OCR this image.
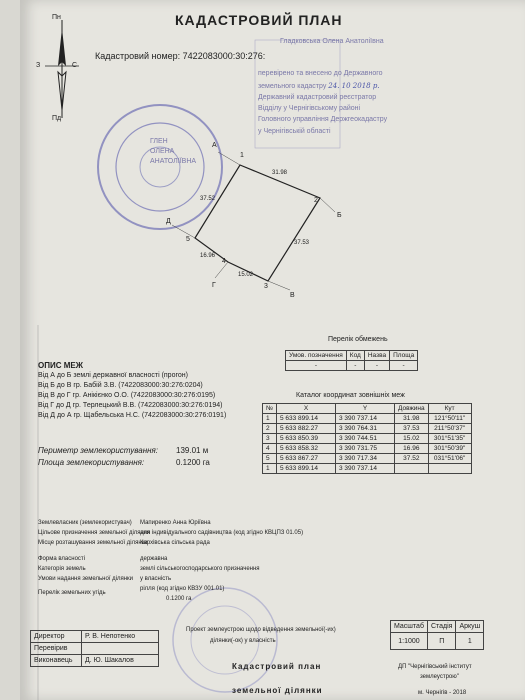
КАДАСТРОВИЙ ПЛАН
Пн
З	С
Пд
Кадастровий номер: 7422083000:30:276:
Гладковська Олена Анатоліївна
перевірено та внесено до Державного
земельного кадастру 24. 10 2018 р.
Державний кадастровий реєстратор
Відділу у Чернігівському районі
Головного управління Держгеокадастру
у Чернігівській області
ГЛЕН
ОЛЕНА
АНАТОЛІЇВНА
А
1
2
Б
3
В
4
Г
5
Д
31.98
37.53
15.02
16.96
37.52
Перелік обмежень
Умов. позначення	Код	Назва	Площа
-	-	-	-
ОПИС МЕЖ
Від А до Б землі державної власності (прогон)
Від Б до В гр. Бабій З.В. (7422083000:30:276:0204)
Від В до Г гр. Анікієнко О.О. (7422083000:30:276:0195)
Від Г до Д гр. Терлецький В.В. (7422083000:30:276:0194)
Від Д до А гр. Щабельська Н.С. (7422083000:30:276:0191)
Каталог координат зовнішніх меж
№	X	Y	Довжина	Кут
1	5 633 899.14	3 390 737.14	31.98	121°50'11"
2	5 633 882.27	3 390 764.31	37.53	211°50'37"
3	5 633 850.39	3 390 744.51	15.02	301°51'35"
4	5 633 858.32	3 390 731.75	16.96	301°50'39"
5	5 633 867.27	3 390 717.34	37.52	031°51'06"
1	5 633 899.14	3 390 737.14		
Периметр землекористування: 139.01 м
Площа землекористування:	0.1200 га
Землевласник (землекористувач) Мапиренко Анна Юріївна
Цільове призначення земельної ділянки
для індивідуального садівництва (код згідно КВЦПЗ 01.05)
Місце розташування земельної ділянки
Кархівська сільська рада
Форма власності	державна
Категорія земель	землі сільськогосподарського призначення
Умови надання земельної ділянки у власність
Перелік земельних угідь
рілля (код згідно КВЗУ 001.01)
0.1200 га
Директор	Р. В. Непотенко
Перевірив	
Виконавець	Д. Ю. Шакалов
Проект землеустрою щодо відведення земельної(-их)
ділянки(-ок) у власність
Кадастровий план
земельної ділянки
Масштаб	Стадія	Аркуш
1:1000	П	1
ДП "Чернігівський інститут
землеустрою"
м. Чернігів - 2018
